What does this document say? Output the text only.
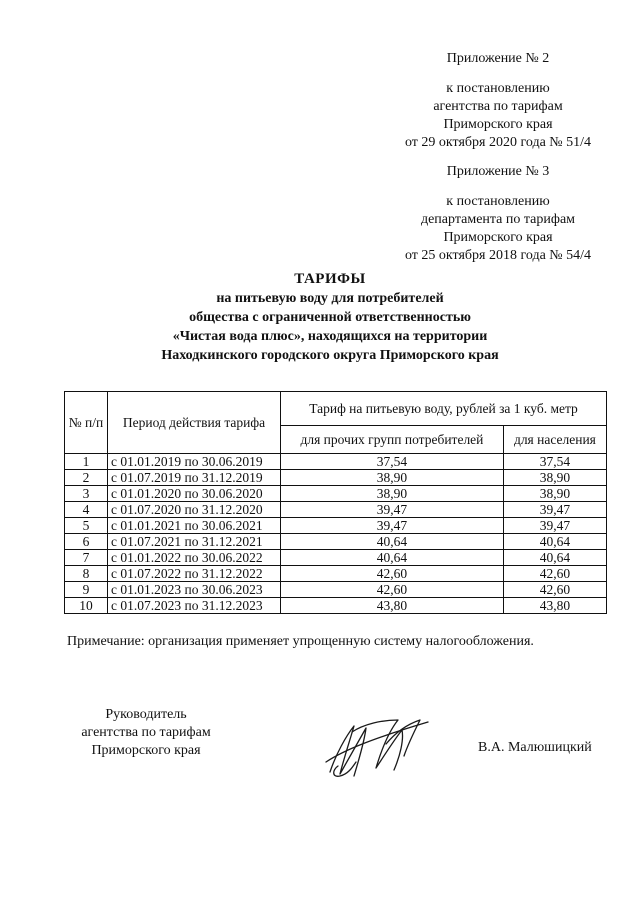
Приложение № 2
к постановлению
агентства по тарифам
Приморского края
от 29 октября 2020 года № 51/4
Приложение № 3
к постановлению
департамента по тарифам
Приморского края
от 25 октября 2018 года № 54/4
ТАРИФЫ
на питьевую воду для потребителей
общества с ограниченной ответственностью
«Чистая вода плюс», находящихся на территории
Находкинского городского округа Приморского края
№ п/п	Период действия тарифа	Тариф на питьевую воду, рублей за 1 куб. метр	
		для прочих групп потребителей	для населения
1	с 01.01.2019 по 30.06.2019	37,54	37,54
2	с 01.07.2019 по 31.12.2019	38,90	38,90
3	с 01.01.2020 по 30.06.2020	38,90	38,90
4	с 01.07.2020 по 31.12.2020	39,47	39,47
5	с 01.01.2021 по 30.06.2021	39,47	39,47
6	с 01.07.2021 по 31.12.2021	40,64	40,64
7	с 01.01.2022 по 30.06.2022	40,64	40,64
8	с 01.07.2022 по 31.12.2022	42,60	42,60
9	с 01.01.2023 по 30.06.2023	42,60	42,60
10	с 01.07.2023 по 31.12.2023	43,80	43,80
Примечание: организация применяет упрощенную систему налогообложения.
Руководитель
агентства по тарифам
Приморского края	В.А. Малюшицкий
